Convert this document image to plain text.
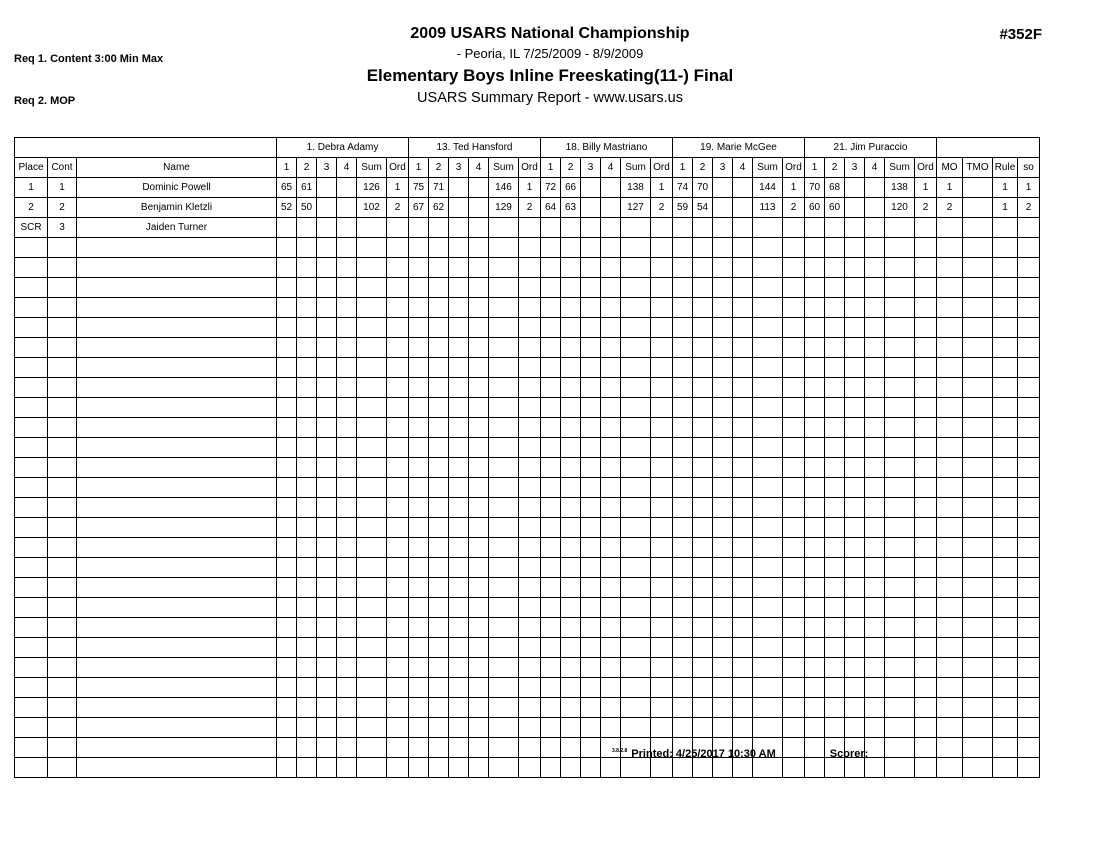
Req 1. Content 3:00 Min Max

Req 2. MOP

2009 USARS National Championship
- Peoria, IL 7/25/2009 - 8/9/2009
Elementary Boys Inline Freeskating(11-) Final
USARS Summary Report - www.usars.us
#352F
			1. Debra Adamy						13. Ted Hansford						18. Billy Mastriano						19. Marie McGee						21. Jim Puraccio									
Place	Cont	Name	1	2	3	4	Sum	Ord	1	2	3	4	Sum	Ord	1	2	3	4	Sum	Ord	1	2	3	4	Sum	Ord	1	2	3	4	Sum	Ord	MO	TMO	Rule	so
1	1	Dominic Powell	65	61			126	1	75	71			146	1	72	66			138	1	74	70			144	1	70	68			138	1	1		1	1
2	2	Benjamin Kletzli	52	50			102	2	67	62			129	2	64	63			127	2	59	54			113	2	60	60			120	2	2		1	2
SCR	3	Jaiden Turner																																		

$^{3.8.2.8}$ Printed: 4/25/2017 10:30 AM	Scorer:
